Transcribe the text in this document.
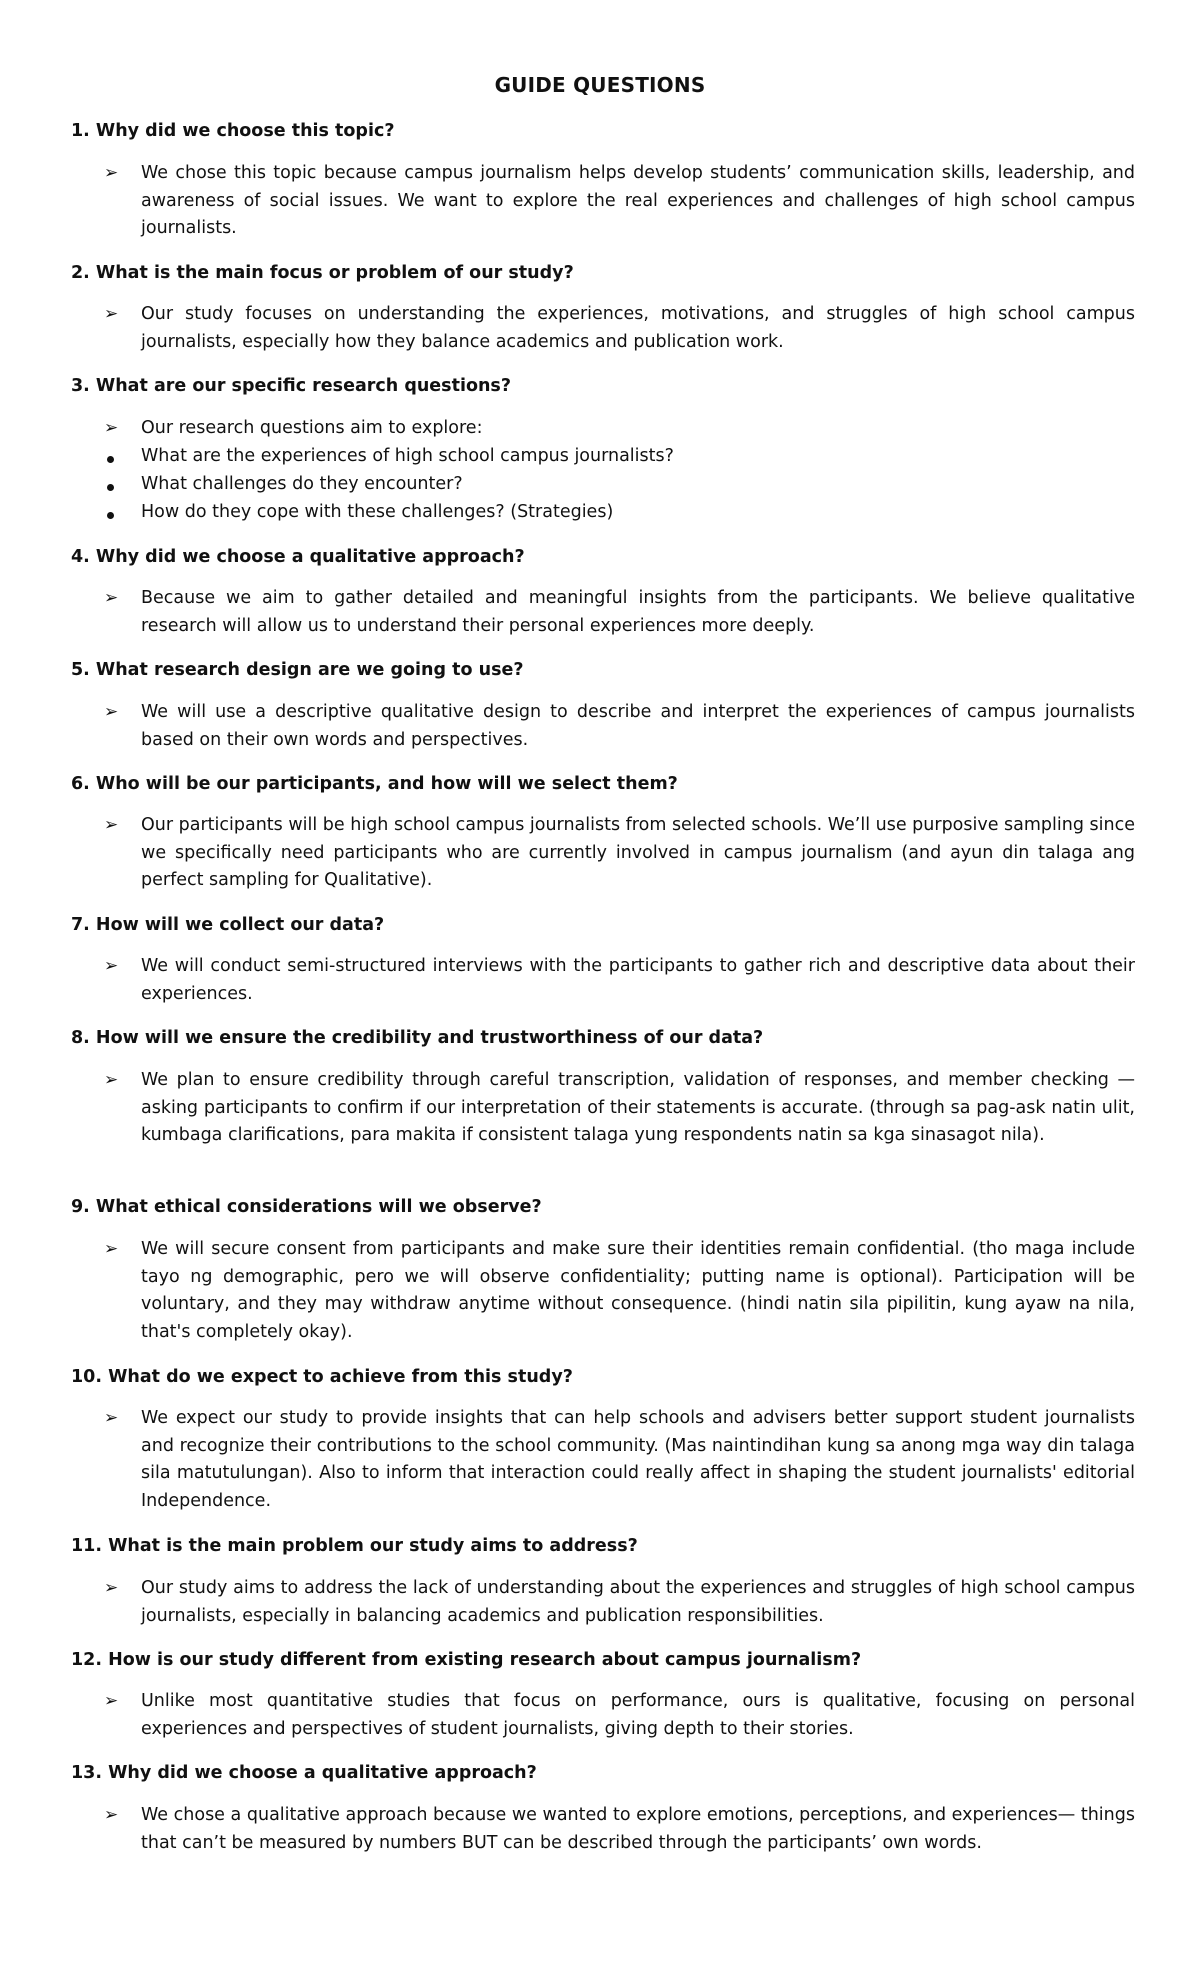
GUIDE QUESTIONS
1. Why did we choose this topic?
➢ We chose this topic because campus journalism helps develop students’ communication skills, leadership, and awareness of social issues. We want to explore the real experiences and challenges of high school campus journalists.
2. What is the main focus or problem of our study?
➢ Our study focuses on understanding the experiences, motivations, and struggles of high school campus journalists, especially how they balance academics and publication work.
3. What are our specific research questions?
➢ Our research questions aim to explore:
What are the experiences of high school campus journalists?
What challenges do they encounter?
How do they cope with these challenges? (Strategies)
4. Why did we choose a qualitative approach?
➢ Because we aim to gather detailed and meaningful insights from the participants. We believe qualitative research will allow us to understand their personal experiences more deeply.
5. What research design are we going to use?
➢ We will use a descriptive qualitative design to describe and interpret the experiences of campus journalists based on their own words and perspectives.
6. Who will be our participants, and how will we select them?
➢ Our participants will be high school campus journalists from selected schools. We’ll use purposive sampling since we specifically need participants who are currently involved in campus journalism (and ayun din talaga ang perfect sampling for Qualitative).
7. How will we collect our data?
➢ We will conduct semi-structured interviews with the participants to gather rich and descriptive data about their experiences.
8. How will we ensure the credibility and trustworthiness of our data?
➢ We plan to ensure credibility through careful transcription, validation of responses, and member checking — asking participants to confirm if our interpretation of their statements is accurate. (through sa pag-ask natin ulit, kumbaga clarifications, para makita if consistent talaga yung respondents natin sa kga sinasagot nila).
9. What ethical considerations will we observe?
➢ We will secure consent from participants and make sure their identities remain confidential. (tho maga include tayo ng demographic, pero we will observe confidentiality; putting name is optional). Participation will be voluntary, and they may withdraw anytime without consequence. (hindi natin sila pipilitin, kung ayaw na nila, that's completely okay).
10. What do we expect to achieve from this study?
➢ We expect our study to provide insights that can help schools and advisers better support student journalists and recognize their contributions to the school community. (Mas naintindihan kung sa anong mga way din talaga sila matutulungan). Also to inform that interaction could really affect in shaping the student journalists' editorial Independence.
11. What is the main problem our study aims to address?
➢ Our study aims to address the lack of understanding about the experiences and struggles of high school campus journalists, especially in balancing academics and publication responsibilities.
12. How is our study different from existing research about campus journalism?
➢ Unlike most quantitative studies that focus on performance, ours is qualitative, focusing on personal experiences and perspectives of student journalists, giving depth to their stories.
13. Why did we choose a qualitative approach?
➢ We chose a qualitative approach because we wanted to explore emotions, perceptions, and experiences— things that can’t be measured by numbers BUT can be described through the participants’ own words.
